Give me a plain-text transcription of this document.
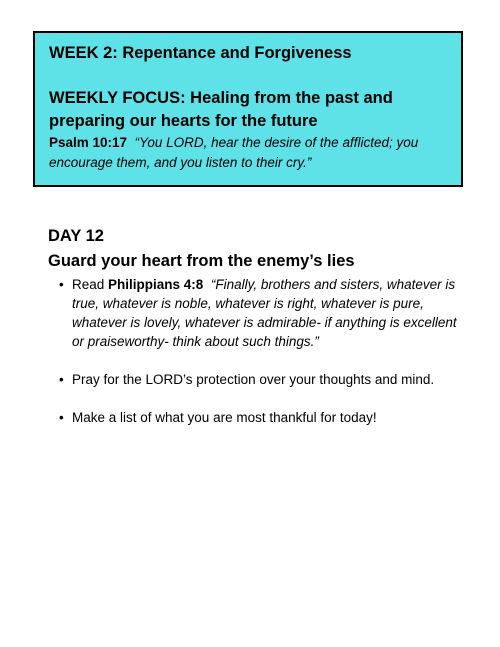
WEEK 2: Repentance and Forgiveness

WEEKLY FOCUS: Healing from the past and preparing our hearts for the future

Psalm 10:17 “You LORD, hear the desire of the afflicted; you encourage them, and you listen to their cry.”

DAY 12

Guard your heart from the enemy’s lies

• Read Philippians 4:8 “Finally, brothers and sisters, whatever is true, whatever is noble, whatever is right, whatever is pure, whatever is lovely, whatever is admirable- if anything is excellent or praiseworthy- think about such things.”
• Pray for the LORD’s protection over your thoughts and mind.
• Make a list of what you are most thankful for today!
